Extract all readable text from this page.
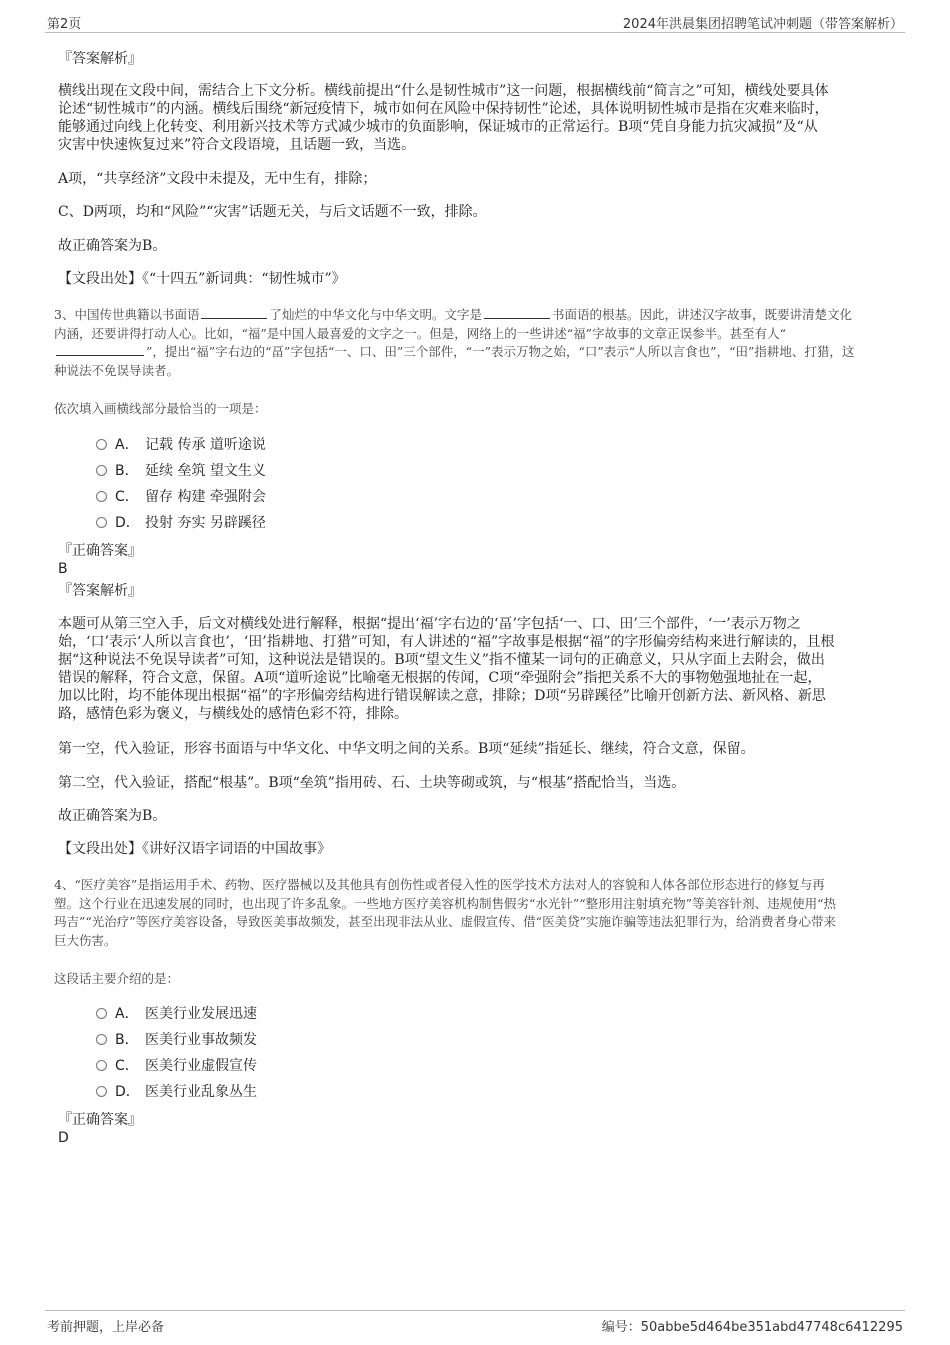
第2页	2024年洪晨集团招聘笔试冲刺题（带答案解析）
『答案解析』
横线出现在文段中间，需结合上下文分析。横线前提出“什么是韧性城市”这一问题，根据横线前“简言之”可知，横线处要具体
论述“韧性城市”的内涵。横线后围绕“新冠疫情下，城市如何在风险中保持韧性”论述，具体说明韧性城市是指在灾难来临时，
能够通过向线上化转变、利用新兴技术等方式减少城市的负面影响，保证城市的正常运行。B项“凭自身能力抗灾减损”及“从
灾害中快速恢复过来”符合文段语境，且话题一致，当选。
A项，“共享经济”文段中未提及，无中生有，排除；
C、D两项，均和“风险”“灾害”话题无关，与后文话题不一致，排除。
故正确答案为B。
【文段出处】《“十四五”新词典：“韧性城市”》
3、中国传世典籍以书面语	了灿烂的中华文化与中华文明。文字是	书面语的根基。因此，讲述汉字故事，既要讲清楚文化
内涵，还要讲得打动人心。比如，“福”是中国人最喜爱的文字之一。但是，网络上的一些讲述“福”字故事的文章正误参半。甚至有人“
”，提出“福”字右边的“畐”字包括“一、口、田”三个部件，“一”表示万物之始，“口”表示“人所以言食也”，“田”指耕地、打猎，这
种说法不免误导读者。
依次填入画横线部分最恰当的一项是：
A． 记载 传承 道听途说
B． 延续 垒筑 望文生义
C． 留存 构建 牵强附会
D． 投射 夯实 另辟蹊径
『正确答案』
B
『答案解析』
本题可从第三空入手，后文对横线处进行解释，根据“提出‘福’字右边的‘畐’字包括‘一、口、田’三个部件，‘一’表示万物之
始，‘口’表示‘人所以言食也’，‘田’指耕地、打猎”可知，有人讲述的“福”字故事是根据“福”的字形偏旁结构来进行解读的，且根
据“这种说法不免误导读者”可知，这种说法是错误的。B项“望文生义”指不懂某一词句的正确意义，只从字面上去附会，做出
错误的解释，符合文意，保留。A项“道听途说”比喻毫无根据的传闻，C项“牵强附会”指把关系不大的事物勉强地扯在一起，
加以比附，均不能体现出根据“福”的字形偏旁结构进行错误解读之意，排除；D项“另辟蹊径”比喻开创新方法、新风格、新思
路，感情色彩为褒义，与横线处的感情色彩不符，排除。
第一空，代入验证，形容书面语与中华文化、中华文明之间的关系。B项“延续”指延长、继续，符合文意，保留。
第二空，代入验证，搭配“根基”。B项“垒筑”指用砖、石、土块等砌或筑，与“根基”搭配恰当，当选。
故正确答案为B。
【文段出处】《讲好汉语字词语的中国故事》
4、“医疗美容”是指运用手术、药物、医疗器械以及其他具有创伤性或者侵入性的医学技术方法对人的容貌和人体各部位形态进行的修复与再
塑。这个行业在迅速发展的同时，也出现了许多乱象。一些地方医疗美容机构制售假劣“水光针”“整形用注射填充物”等美容针剂、违规使用“热
玛吉”“光治疗”等医疗美容设备，导致医美事故频发，甚至出现非法从业、虚假宣传、借“医美贷”实施诈骗等违法犯罪行为，给消费者身心带来
巨大伤害。
这段话主要介绍的是：
A． 医美行业发展迅速
B． 医美行业事故频发
C． 医美行业虚假宣传
D． 医美行业乱象丛生
『正确答案』
D
考前押题，上岸必备	编号：50abbe5d464be351abd47748c6412295
